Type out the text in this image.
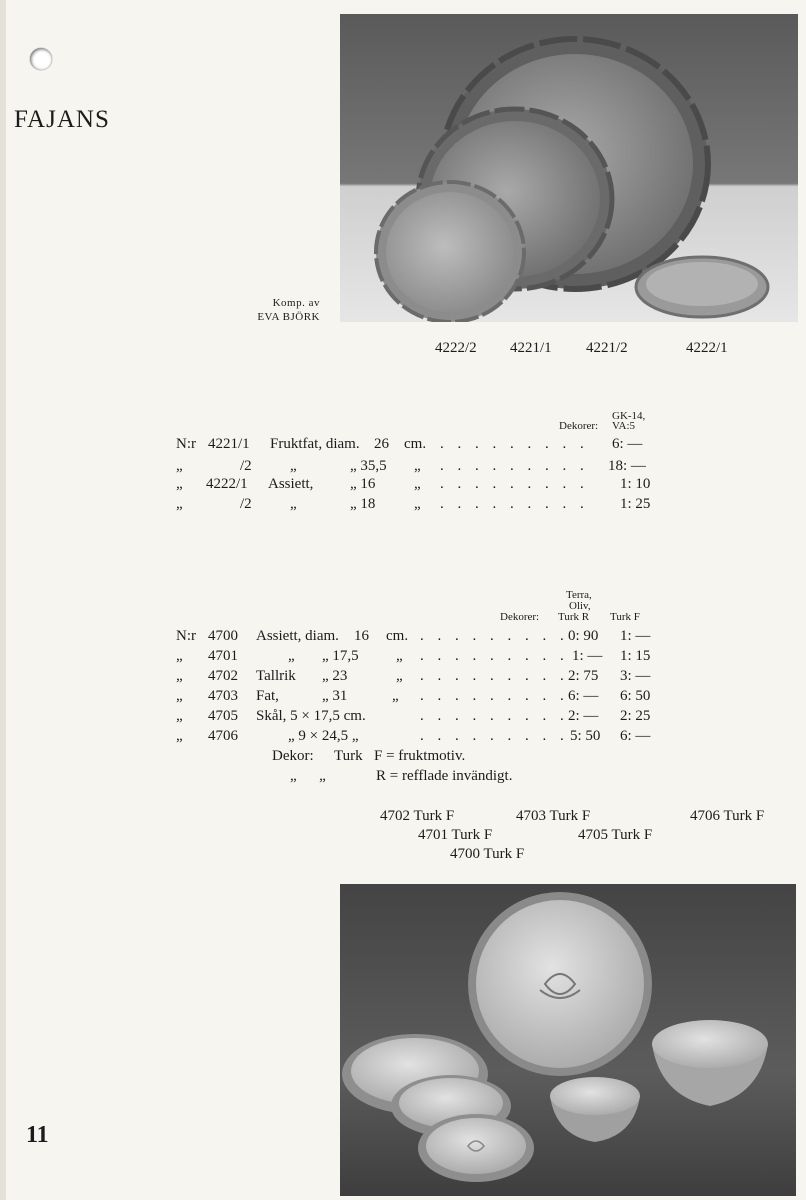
FAJANS
Komp. av
EVA BJÖRK
4222/2 4221/1 4221/2	4222/1
GK-14,
Dekorer: VA:5
N:r 4221/1 Fruktfat, diam. 26 cm. . . . . . . . . . 6: —
„	/2	„	„ 35,5 „ . . . . . . . . . 18: —
„ 4222/1 Assiett, „ 16	„ . . . . . . . . . 1: 10
„	/2	„	„ 18	„ . . . . . . . . . 1: 25
Terra,
Oliv,
Dekorer: Turk R Turk F
N:r 4700 Assiett, diam. 16 cm. . . . . . . . . . 0: 90 1: —
„ 4701	„ „ 17,5 „ . . . . . . . . . 1: — 1: 15
„ 4702 Tallrik „ 23	„ . . . . . . . . . 2: 75 3: —
„ 4703 Fat,	„ 31	„ . . . . . . . . . 6: — 6: 50
„ 4705 Skål, 5 × 17,5 cm.	. . . . . . . . . 2: — 2: 25
„ 4706	„ 9 × 24,5 „	. . . . . . . . . 5: 50 6: —
Dekor: Turk F = fruktmotiv.
„      „	R = refflade invändigt.
4702 Turk F	4703 Turk F	4706 Turk F
4701 Turk F	4705 Turk F
4700 Turk F
11
